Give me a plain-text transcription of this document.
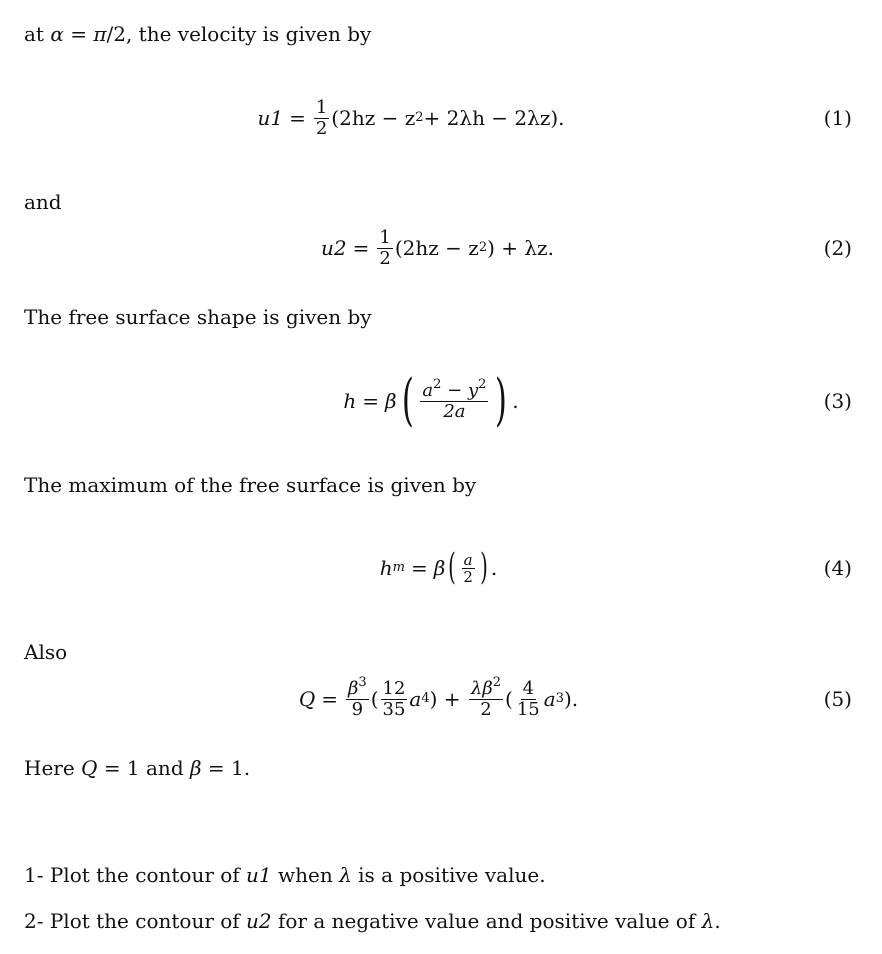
at α = π/2, the velocity is given by
$u1 = \frac{1}{2} (2hz - z$ 2 + 2λh − 2λz).	(1)
and
$u2 = \frac{1}{2} (2hz - z$ 2 ) + λz.	(2)
The free surface shape is given by
h = β ( $\frac{a^2 - y^2}{2a}$ ) .	(3)
The maximum of the free surface is given by
h m = β ( $\frac{a}{2}$ ) .	(4)
Also
$Q = \frac{\beta^3}{9}$ ( $\frac{12}{35}$ a 4 ) + $\frac{\lambda\beta^2}{2}$ ( $\frac{4}{15}$ a 3 ).	(5)
Here Q = 1 and β = 1.
1- Plot the contour of u1 when λ is a positive value.
2- Plot the contour of u2 for a negative value and positive value of λ.
